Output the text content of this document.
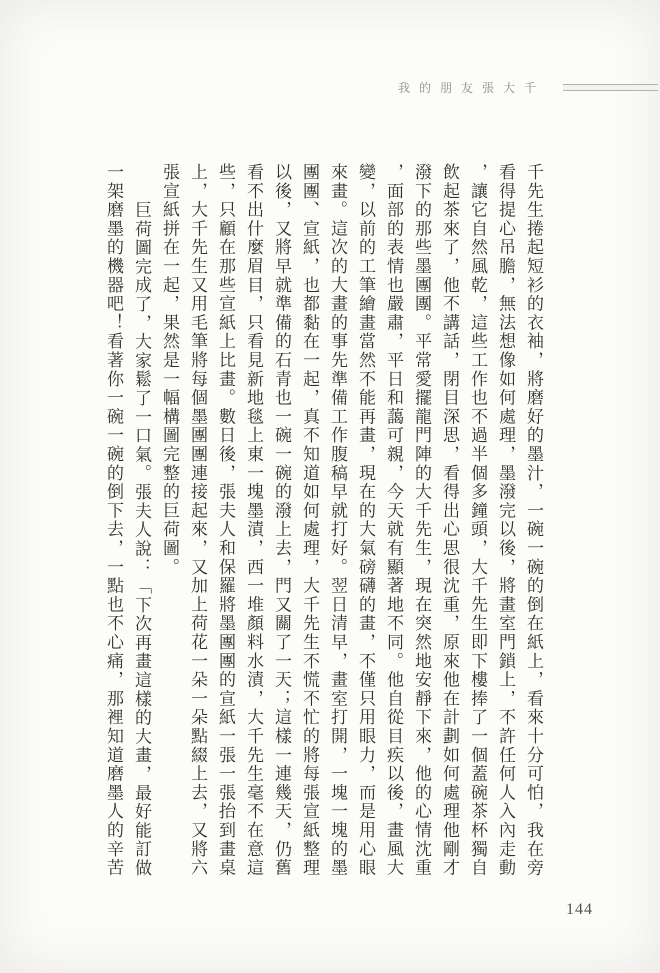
我的朋友張大千
千先生捲起短衫的衣袖，將磨好的墨汁，一碗一碗的倒在紙上，看來十分可怕，我在旁
看得提心吊膽，無法想像如何處理，墨潑完以後，將畫室門鎖上，不許任何人入內走動
，讓它自然風乾，這些工作也不過半個多鐘頭，大千先生即下樓捧了一個蓋碗茶杯獨自
飲起茶來了，他不講話，閉目深思，看得出心思很沈重，原來他在計劃如何處理他剛才
潑下的那些墨團團。平常愛擺龍門陣的大千先生，現在突然地安靜下來，他的心情沈重
，面部的表情也嚴肅，平日和藹可親，今天就有顯著地不同。他自從目疾以後，畫風大
變，以前的工筆繪畫當然不能再畫，現在的大氣磅礴的畫，不僅只用眼力，而是用心眼
來畫。這次的大畫的事先準備工作腹稿早就打好。翌日清早，畫室打開，一塊一塊的墨
團團、宣紙，也都黏在一起，真不知道如何處理，大千先生不慌不忙的將每張宣紙整理
以後，又將早就準備的石青也一碗一碗的潑上去，門又關了一天；這樣一連幾天，仍舊
看不出什麼眉目，只看見新地毯上東一塊墨漬，西一堆顏料水漬，大千先生毫不在意這
些，只顧在那些宣紙上比畫。數日後，張夫人和保羅將墨團團的宣紙一張一張抬到畫桌
上，大千先生又用毛筆將每個墨團團連接起來，又加上荷花一朵一朵點綴上去，又將六
張宣紙拼在一起，果然是一幅構圖完整的巨荷圖。
巨荷圖完成了，大家鬆了一口氣。張夫人說：「下次再畫這樣的大畫，最好能訂做
一架磨墨的機器吧！看著你一碗一碗的倒下去，一點也不心痛，那裡知道磨墨人的辛苦
144
